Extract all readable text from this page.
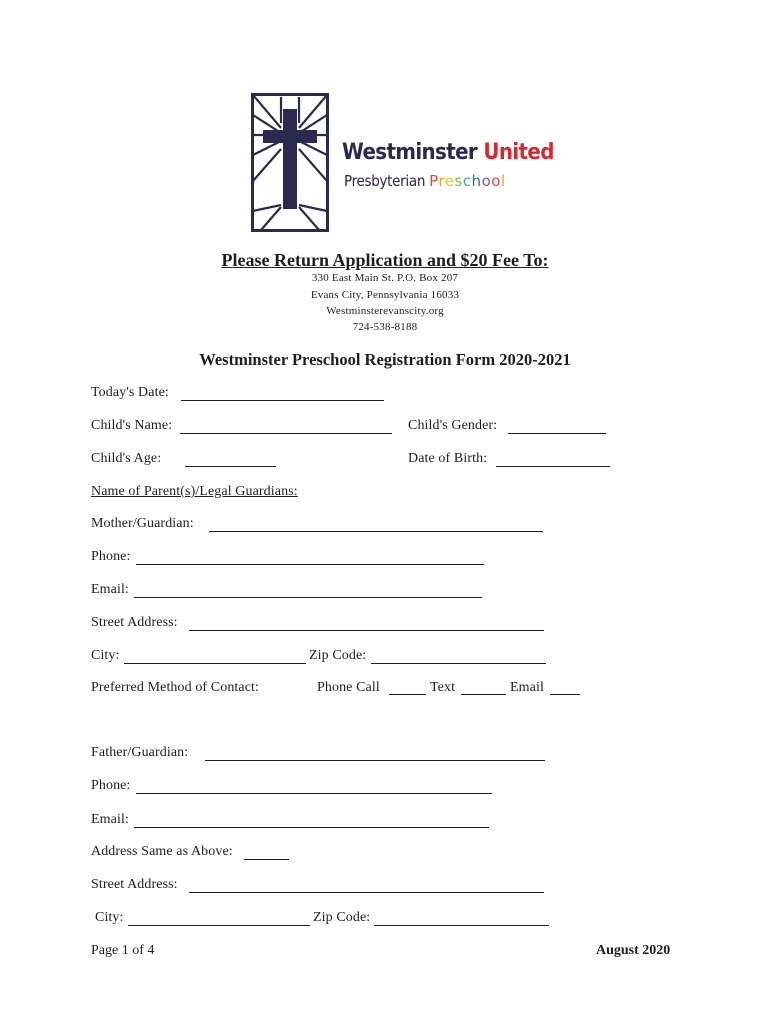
Westminster United
Presbyterian Preschool
Please Return Application and $20 Fee To:
330 East Main St. P.O. Box 207
Evans City, Pennsylvania 16033
Westminsterevanscity.org
724-538-8188
Westminster Preschool Registration Form 2020-2021
Today's Date:
Child's Name:	Child's Gender:
Child's Age:	Date of Birth:
Name of Parent(s)/Legal Guardians:
Mother/Guardian:
Phone:
Email:
Street Address:
City:	Zip Code:
Preferred Method of Contact:	Phone Call	Text	Email
Father/Guardian:
Phone:
Email:
Address Same as Above:
Street Address:
City:	Zip Code:
Page 1 of 4	August 2020
